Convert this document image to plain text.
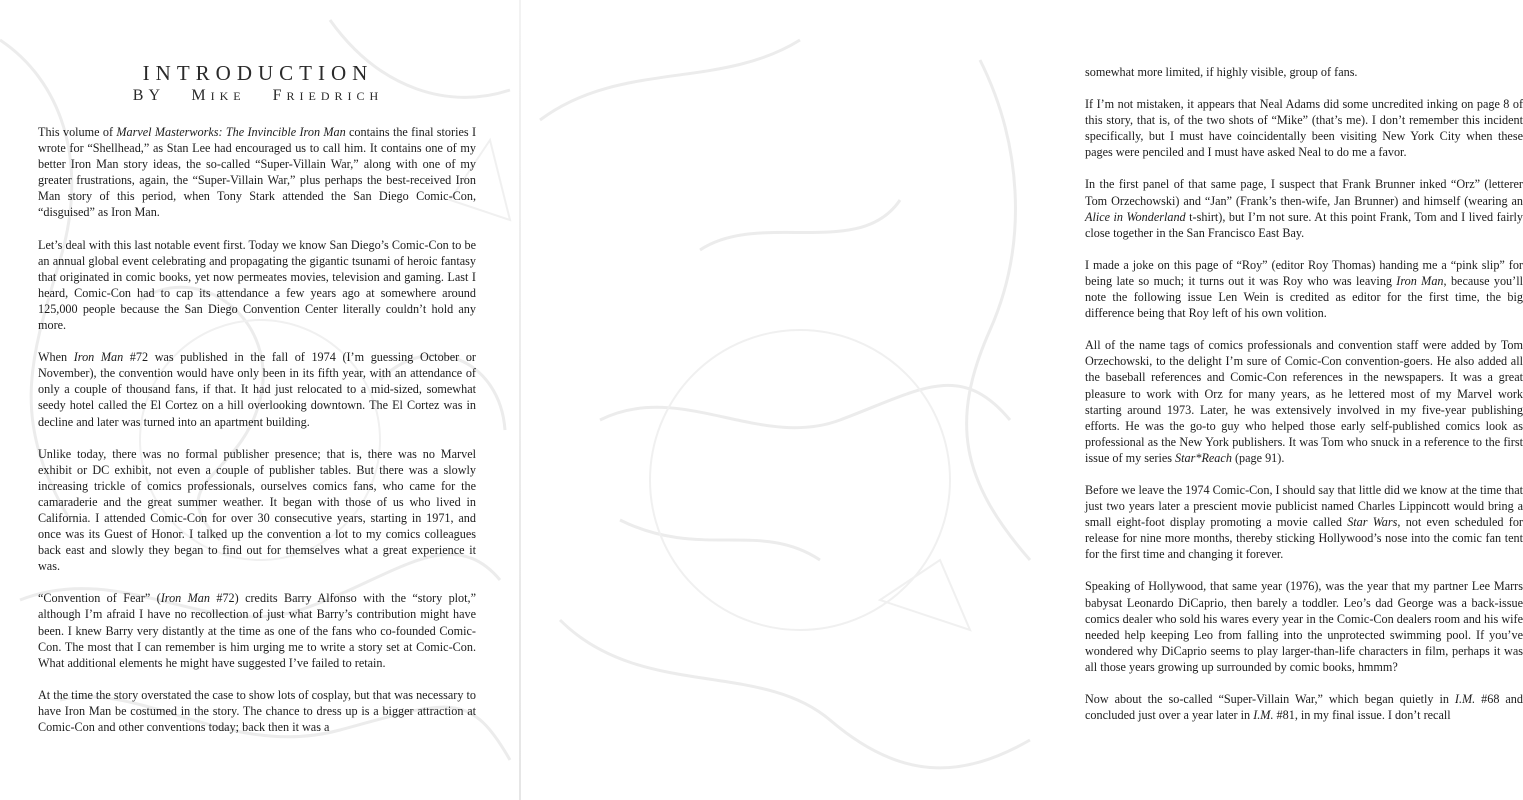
INTRODUCTION
BY MIKE FRIEDRICH

This volume of Marvel Masterworks: The Invincible Iron Man contains the final stories I wrote for “Shellhead,” as Stan Lee had encouraged us to call him. It contains one of my better Iron Man story ideas, the so-called “Super-Villain War,” along with one of my greater frustrations, again, the “Super-Villain War,” plus perhaps the best-received Iron Man story of this period, when Tony Stark attended the San Diego Comic-Con, “disguised” as Iron Man.

Let’s deal with this last notable event first. Today we know San Diego’s Comic-Con to be an annual global event celebrating and propagating the gigantic tsunami of heroic fantasy that originated in comic books, yet now permeates movies, television and gaming. Last I heard, Comic-Con had to cap its attendance a few years ago at somewhere around 125,000 people because the San Diego Convention Center literally couldn’t hold any more.

When Iron Man #72 was published in the fall of 1974 (I’m guessing October or November), the convention would have only been in its fifth year, with an attendance of only a couple of thousand fans, if that. It had just relocated to a mid-sized, somewhat seedy hotel called the El Cortez on a hill overlooking downtown. The El Cortez was in decline and later was turned into an apartment building.

Unlike today, there was no formal publisher presence; that is, there was no Marvel exhibit or DC exhibit, not even a couple of publisher tables. But there was a slowly increasing trickle of comics professionals, ourselves comics fans, who came for the camaraderie and the great summer weather. It began with those of us who lived in California. I attended Comic-Con for over 30 consecutive years, starting in 1971, and once was its Guest of Honor. I talked up the convention a lot to my comics colleagues back east and slowly they began to find out for themselves what a great experience it was.

“Convention of Fear” (Iron Man #72) credits Barry Alfonso with the “story plot,” although I’m afraid I have no recollection of just what Barry’s contribution might have been. I knew Barry very distantly at the time as one of the fans who co-founded Comic-Con. The most that I can remember is him urging me to write a story set at Comic-Con. What additional elements he might have suggested I’ve failed to retain.

At the time the story overstated the case to show lots of cosplay, but that was necessary to have Iron Man be costumed in the story. The chance to dress up is a bigger attraction at Comic-Con and other conventions today; back then it was a

somewhat more limited, if highly visible, group of fans.

If I’m not mistaken, it appears that Neal Adams did some uncredited inking on page 8 of this story, that is, of the two shots of “Mike” (that’s me). I don’t remember this incident specifically, but I must have coincidentally been visiting New York City when these pages were penciled and I must have asked Neal to do me a favor.

In the first panel of that same page, I suspect that Frank Brunner inked “Orz” (letterer Tom Orzechowski) and “Jan” (Frank’s then-wife, Jan Brunner) and himself (wearing an Alice in Wonderland t-shirt), but I’m not sure. At this point Frank, Tom and I lived fairly close together in the San Francisco East Bay.

I made a joke on this page of “Roy” (editor Roy Thomas) handing me a “pink slip” for being late so much; it turns out it was Roy who was leaving Iron Man, because you’ll note the following issue Len Wein is credited as editor for the first time, the big difference being that Roy left of his own volition.

All of the name tags of comics professionals and convention staff were added by Tom Orzechowski, to the delight I’m sure of Comic-Con convention-goers. He also added all the baseball references and Comic-Con references in the newspapers. It was a great pleasure to work with Orz for many years, as he lettered most of my Marvel work starting around 1973. Later, he was extensively involved in my five-year publishing efforts. He was the go-to guy who helped those early self-published comics look as professional as the New York publishers. It was Tom who snuck in a reference to the first issue of my series Star*Reach (page 91).

Before we leave the 1974 Comic-Con, I should say that little did we know at the time that just two years later a prescient movie publicist named Charles Lippincott would bring a small eight-foot display promoting a movie called Star Wars, not even scheduled for release for nine more months, thereby sticking Hollywood’s nose into the comic fan tent for the first time and changing it forever.

Speaking of Hollywood, that same year (1976), was the year that my partner Lee Marrs babysat Leonardo DiCaprio, then barely a toddler. Leo’s dad George was a back-issue comics dealer who sold his wares every year in the Comic-Con dealers room and his wife needed help keeping Leo from falling into the unprotected swimming pool. If you’ve wondered why DiCaprio seems to play larger-than-life characters in film, perhaps it was all those years growing up surrounded by comic books, hmmm?

Now about the so-called “Super-Villain War,” which began quietly in I.M. #68 and concluded just over a year later in I.M. #81, in my final issue. I don’t recall
